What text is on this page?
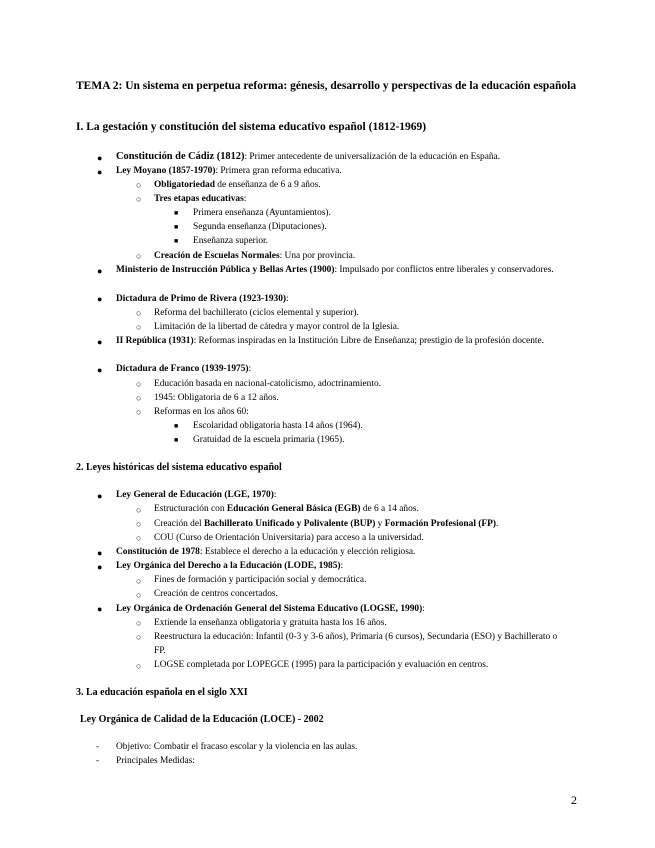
TEMA 2: Un sistema en perpetua reforma: génesis, desarrollo y perspectivas de la educación española
I. La gestación y constitución del sistema educativo español (1812-1969)
● Constitución de Cádiz (1812): Primer antecedente de universalización de la educación en España.
● Ley Moyano (1857-1970): Primera gran reforma educativa.
○ Obligatoriedad de enseñanza de 6 a 9 años.
○ Tres etapas educativas:
■ Primera enseñanza (Ayuntamientos).
■ Segunda enseñanza (Diputaciones).
■ Enseñanza superior.
○ Creación de Escuelas Normales: Una por provincia.
● Ministerio de Instrucción Pública y Bellas Artes (1900): Impulsado por conflictos entre liberales y conservadores.
● Dictadura de Primo de Rivera (1923-1930):
○ Reforma del bachillerato (ciclos elemental y superior).
○ Limitación de la libertad de cátedra y mayor control de la Iglesia.
● II República (1931): Reformas inspiradas en la Institución Libre de Enseñanza; prestigio de la profesión docente.
● Dictadura de Franco (1939-1975):
○ Educación basada en nacional-catolicismo, adoctrinamiento.
○ 1945: Obligatoria de 6 a 12 años.
○ Reformas en los años 60:
■ Escolaridad obligatoria hasta 14 años (1964).
■ Gratuidad de la escuela primaria (1965).
2. Leyes históricas del sistema educativo español
● Ley General de Educación (LGE, 1970):
○ Estructuración con Educación General Básica (EGB) de 6 a 14 años.
○ Creación del Bachillerato Unificado y Polivalente (BUP) y Formación Profesional (FP).
○ COU (Curso de Orientación Universitaria) para acceso a la universidad.
● Constitución de 1978: Establece el derecho a la educación y elección religiosa.
● Ley Orgánica del Derecho a la Educación (LODE, 1985):
○ Fines de formación y participación social y democrática.
○ Creación de centros concertados.
● Ley Orgánica de Ordenación General del Sistema Educativo (LOGSE, 1990):
○ Extiende la enseñanza obligatoria y gratuita hasta los 16 años.
○ Reestructura la educación: Infantil (0-3 y 3-6 años), Primaria (6 cursos), Secundaria (ESO) y Bachillerato o FP.
○ LOGSE completada por LOPEGCE (1995) para la participación y evaluación en centros.
3. La educación española en el siglo XXI
Ley Orgánica de Calidad de la Educación (LOCE) - 2002
- Objetivo: Combatir el fracaso escolar y la violencia en las aulas.
- Principales Medidas:
2
